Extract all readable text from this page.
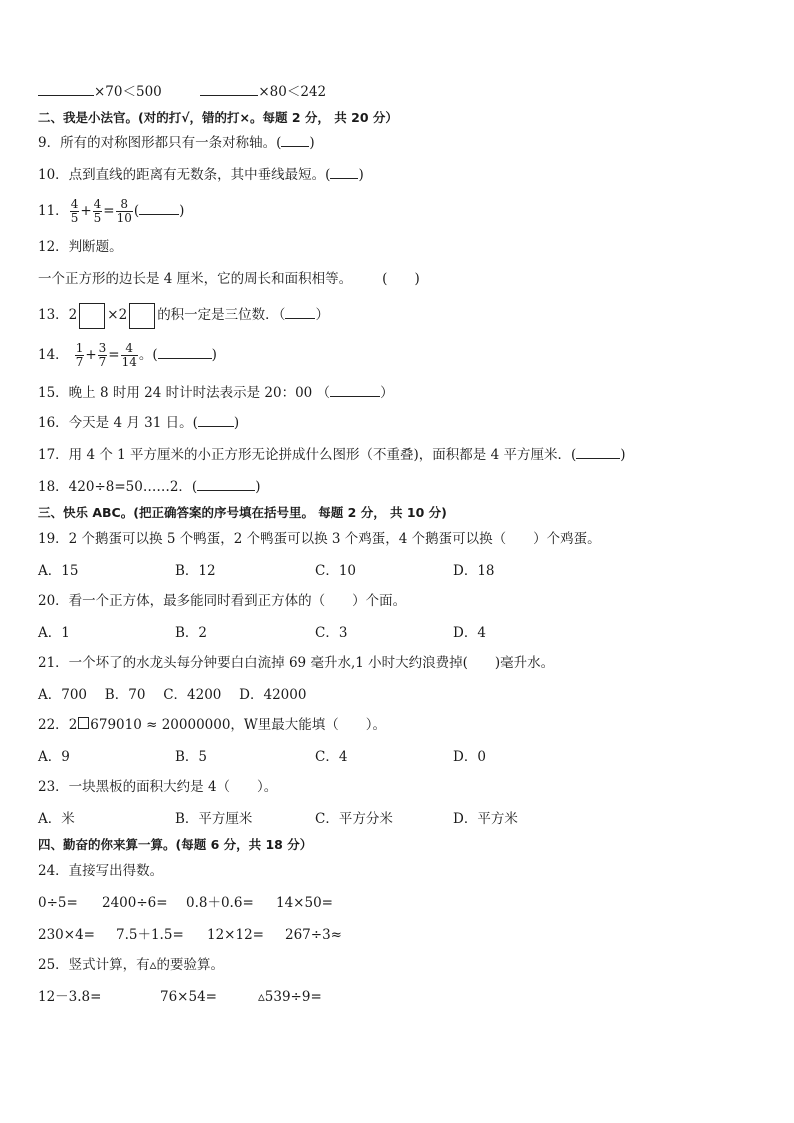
×70＜500	×80＜242
二、我是小法官。(对的打√，错的打×。每题 2 分， 共 20 分）
9．所有的对称图形都只有一条对称轴。( )
10．点到直线的距离有无数条，其中垂线最短。( )
11． $\frac{4}{5} + \frac{4}{5} = \frac{8}{10}$ (	)
12．判断题。
一个正方形的边长是 4 厘米，它的周长和面积相等。 (　　)
13．2 ×2 的积一定是三位数．（ ）
14． $\frac{1}{7} + \frac{3}{7} = \frac{4}{14}$ 。(	)
15．晚上 8 时用 24 时计时法表示是 20：00 （	）
16．今天是 4 月 31 日。(	)
17．用 4 个 1 平方厘米的小正方形无论拼成什么图形（不重叠)，面积都是 4 平方厘米．(	)
18．420÷8=50……2．(	)
三、快乐 ABC。(把正确答案的序号填在括号里。 每题 2 分， 共 10 分)
19．2 个鹅蛋可以换 5 个鸭蛋，2 个鸭蛋可以换 3 个鸡蛋，4 个鹅蛋可以换（　　）个鸡蛋。
A．15	B．12	C．10	D．18
20．看一个正方体，最多能同时看到正方体的（　　）个面。
A．1	B．2	C．3	D．4
21．一个坏了的水龙头每分钟要白白流掉 69 毫升水,1 小时大约浪费掉(　　)毫升水。
A．700　 B．70　 C．4200　 D．42000
22．2 679010 ≈ 20000000，W里最大能填（　　）。
A．9	B．5	C．4	D．0
23．一块黑板的面积大约是 4（　　）。
A．米	B．平方厘米	C．平方分米	D．平方米
四、勤奋的你来算一算。(每题 6 分，共 18 分）
24．直接写出得数。
0÷5= 2400÷6= 0.8＋0.6= 14×50=
230×4= 7.5＋1.5= 12×12= 267÷3≈
25．竖式计算，有▵的要验算。
12－3.8=	76×54=	▵539÷9=
